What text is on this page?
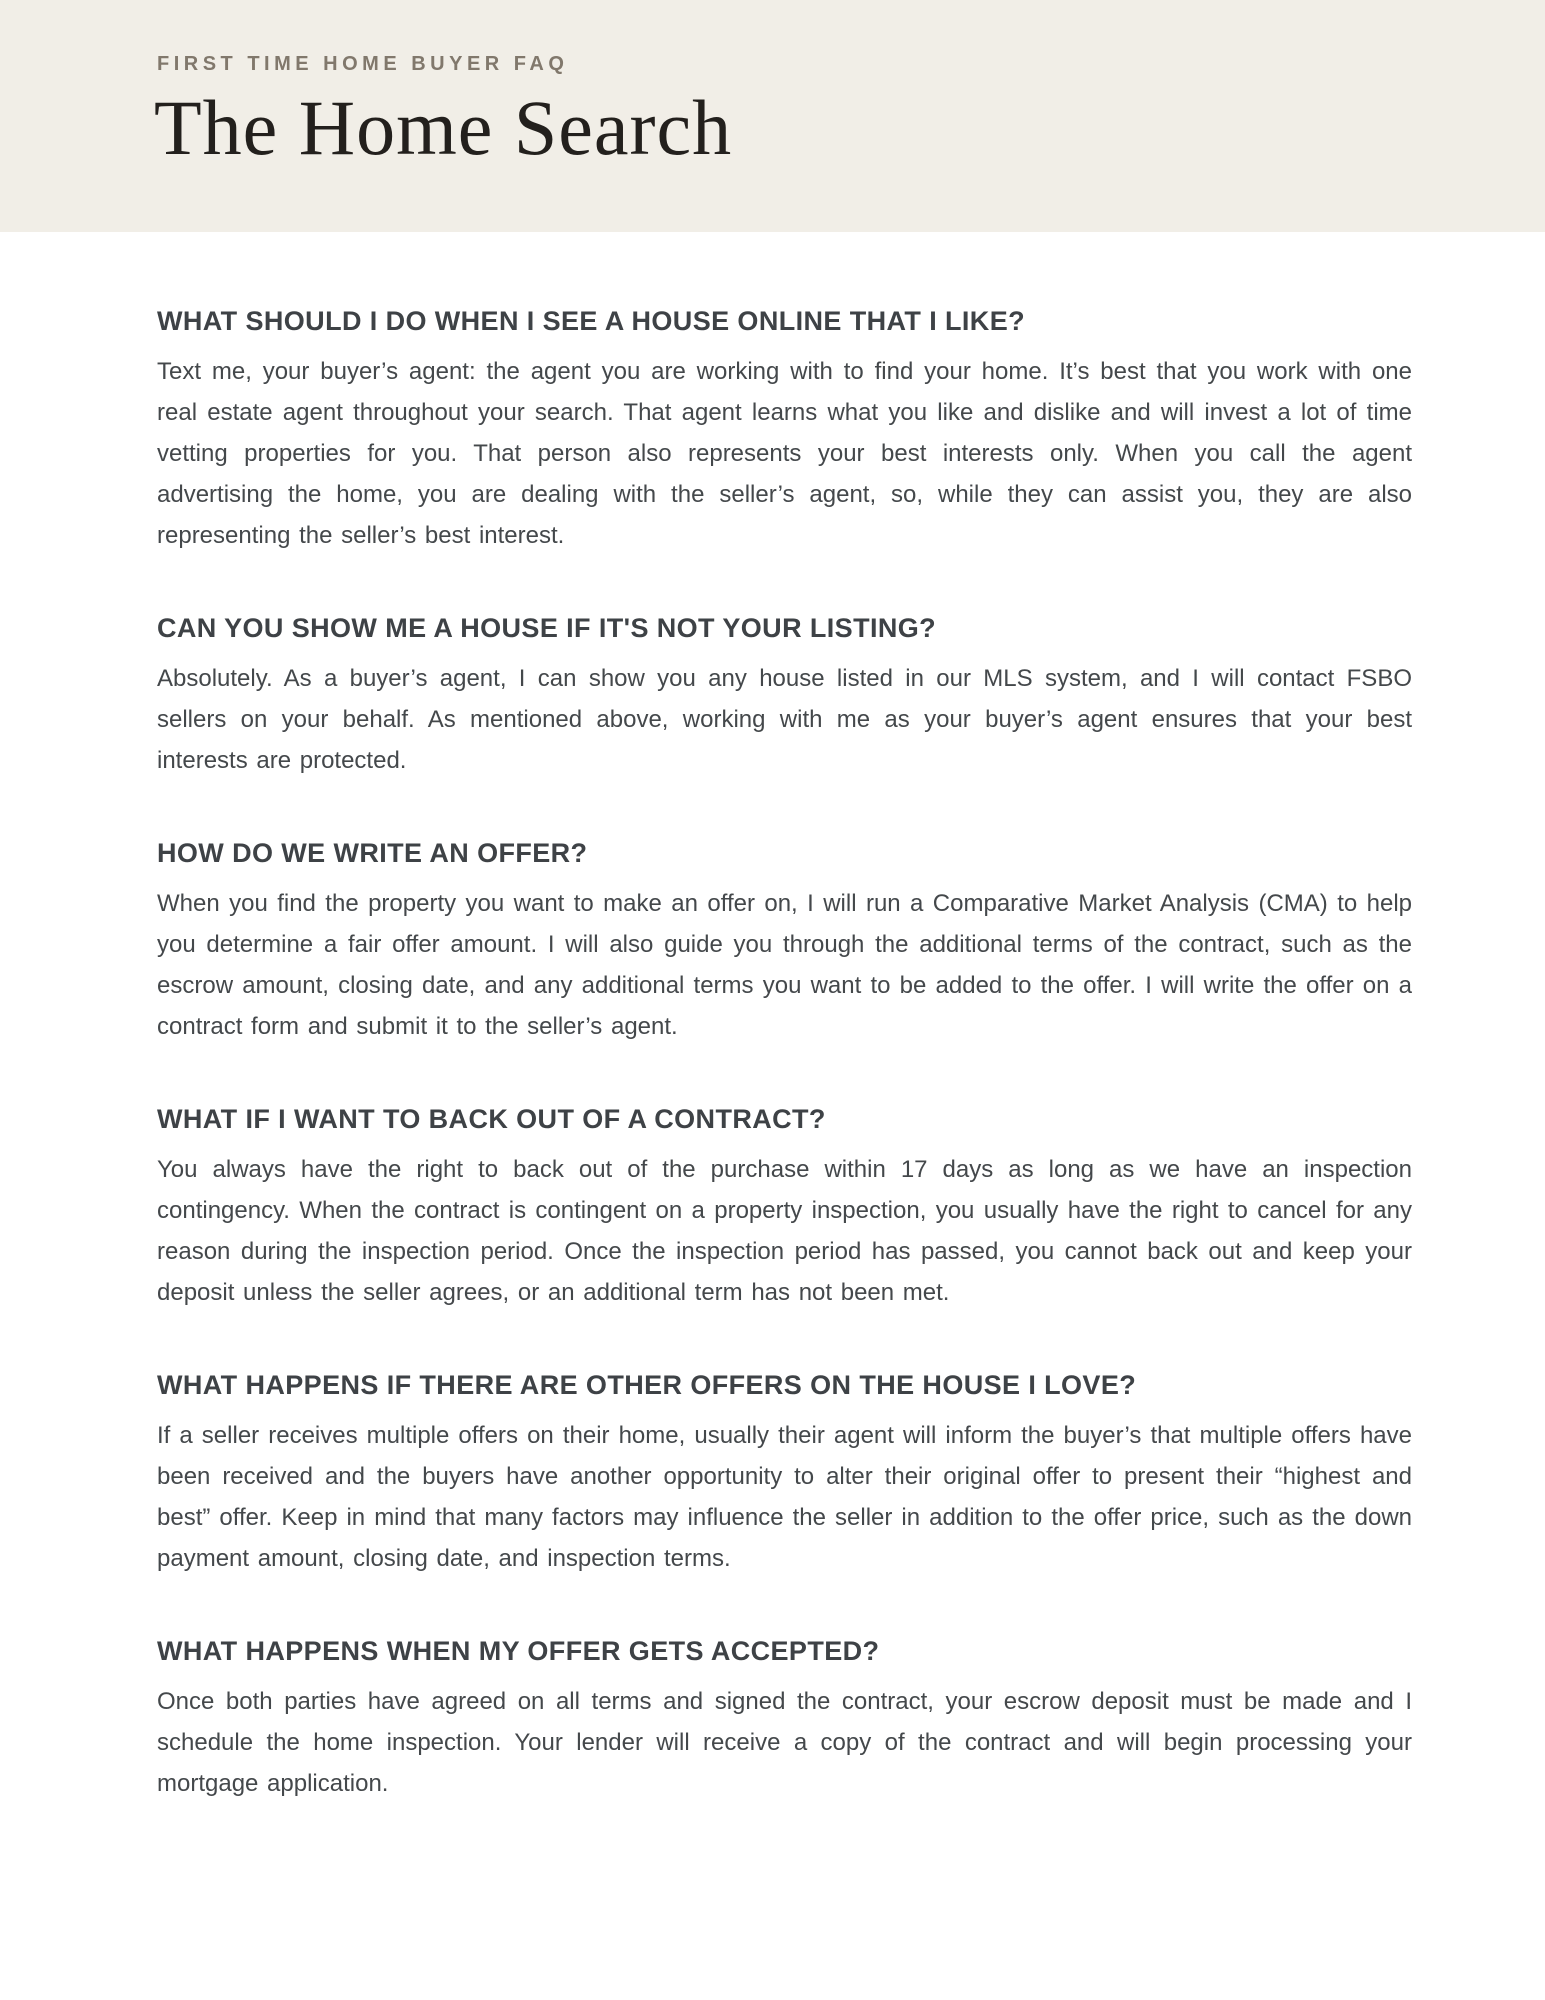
FIRST TIME HOME BUYER FAQ
The Home Search
WHAT SHOULD I DO WHEN I SEE A HOUSE ONLINE THAT I LIKE?

Text me, your buyer’s agent: the agent you are working with to find your home. It’s best that you work with one real estate agent throughout your search. That agent learns what you like and dislike and will invest a lot of time vetting properties for you. That person also represents your best interests only. When you call the agent advertising the home, you are dealing with the seller’s agent, so, while they can assist you, they are also representing the seller’s best interest.

CAN YOU SHOW ME A HOUSE IF IT'S NOT YOUR LISTING?

Absolutely. As a buyer’s agent, I can show you any house listed in our MLS system, and I will contact FSBO sellers on your behalf. As mentioned above, working with me as your buyer’s agent ensures that your best interests are protected.

HOW DO WE WRITE AN OFFER?

When you find the property you want to make an offer on, I will run a Comparative Market Analysis (CMA) to help you determine a fair offer amount. I will also guide you through the additional terms of the contract, such as the escrow amount, closing date, and any additional terms you want to be added to the offer. I will write the offer on a contract form and submit it to the seller’s agent.

WHAT IF I WANT TO BACK OUT OF A CONTRACT?

You always have the right to back out of the purchase within 17 days as long as we have an inspection contingency. When the contract is contingent on a property inspection, you usually have the right to cancel for any reason during the inspection period. Once the inspection period has passed, you cannot back out and keep your deposit unless the seller agrees, or an additional term has not been met.

WHAT HAPPENS IF THERE ARE OTHER OFFERS ON THE HOUSE I LOVE?

If a seller receives multiple offers on their home, usually their agent will inform the buyer’s that multiple offers have been received and the buyers have another opportunity to alter their original offer to present their “highest and best” offer. Keep in mind that many factors may influence the seller in addition to the offer price, such as the down payment amount, closing date, and inspection terms.

WHAT HAPPENS WHEN MY OFFER GETS ACCEPTED?

Once both parties have agreed on all terms and signed the contract, your escrow deposit must be made and I schedule the home inspection. Your lender will receive a copy of the contract and will begin processing your mortgage application.
